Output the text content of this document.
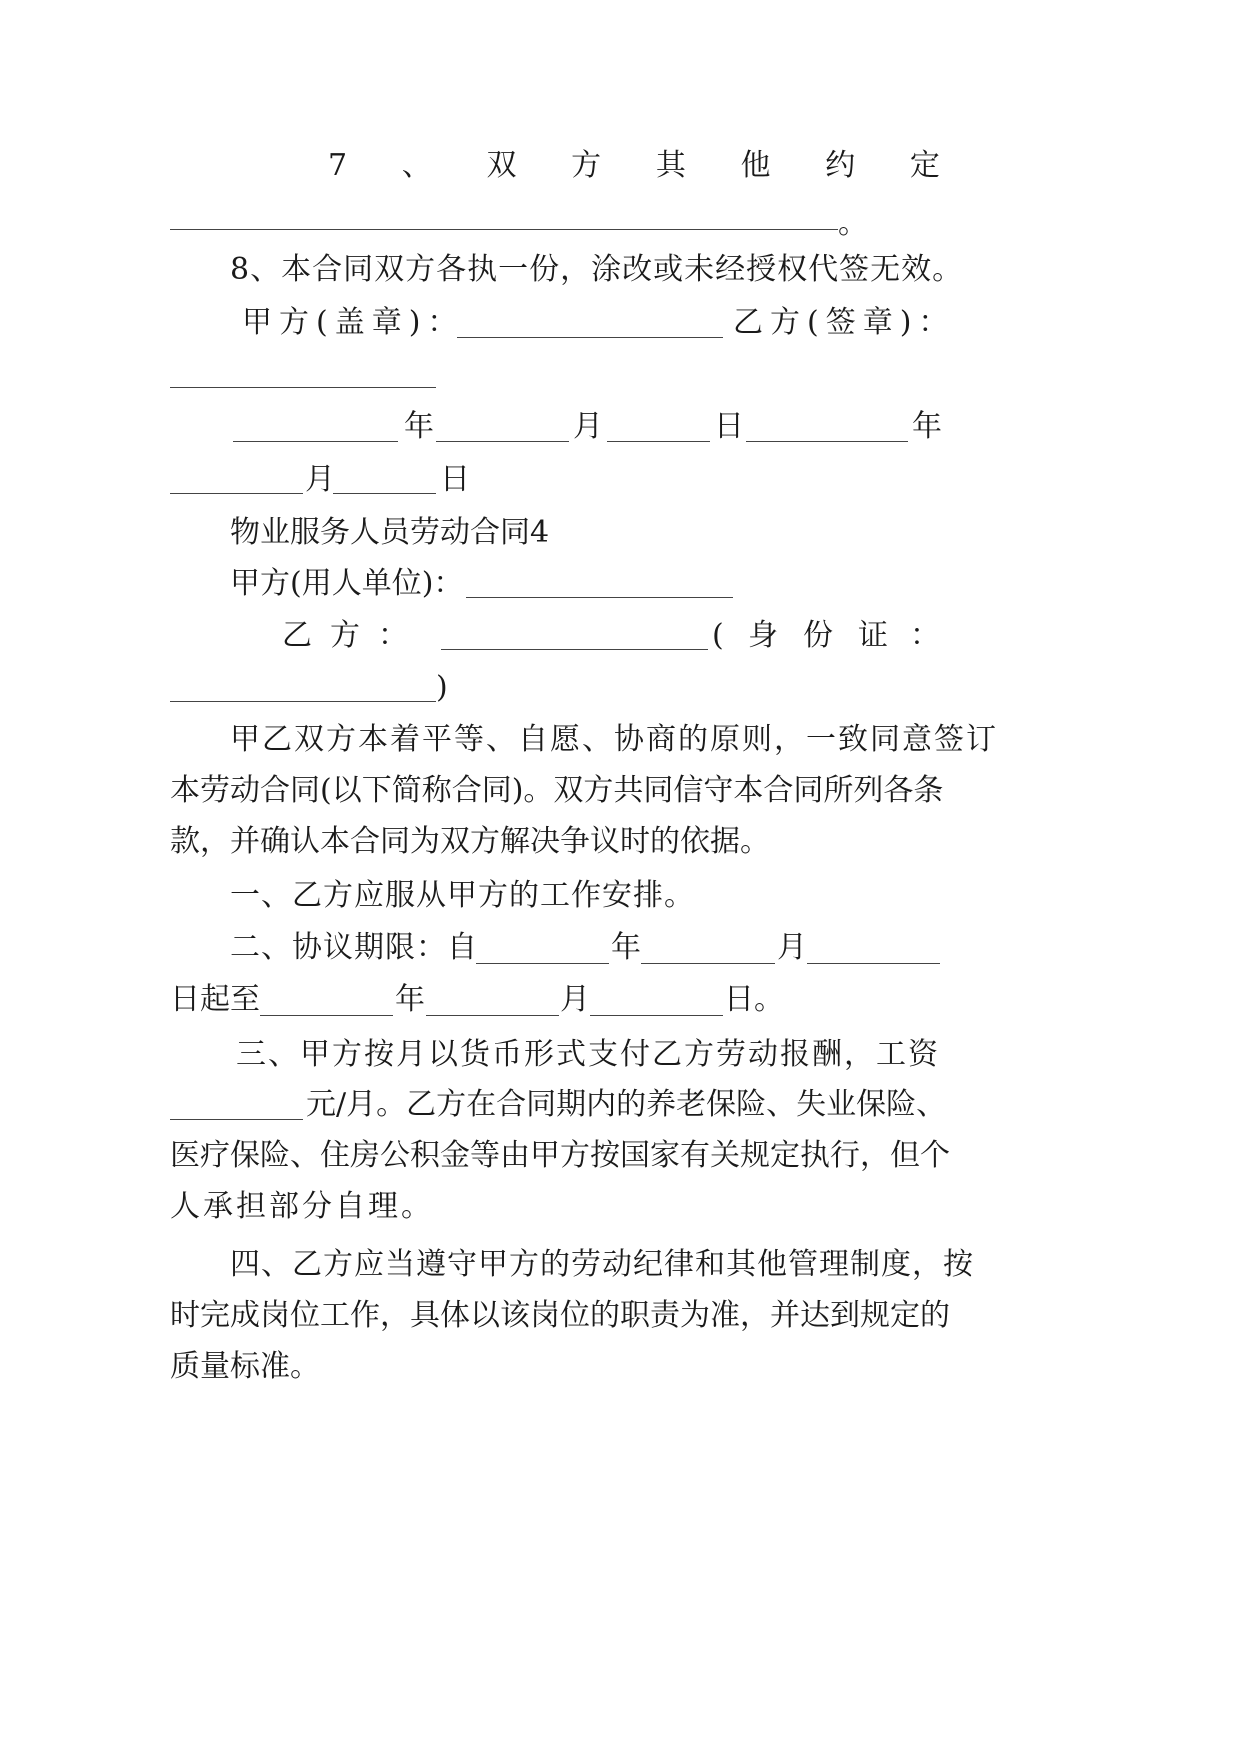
7 、 双 方 其 他 约 定
。
8、本合同双方各执一份，涂改或未经授权代签无效。
甲方(盖章)：	乙方(签章)：
年	月	日	年
月	日
物业服务人员劳动合同4
甲方(用人单位)：
乙 方 ：	( 身 份 证 ：
)
甲乙双方本着平等、自愿、协商的原则，一致同意签订
本劳动合同(以下简称合同)。双方共同信守本合同所列各条
款，并确认本合同为双方解决争议时的依据。
一、乙方应服从甲方的工作安排。
二、协议期限：自	年	月
日起至	年	月	日。
三、甲方按月以货币形式支付乙方劳动报酬，工资
元/月。乙方在合同期内的养老保险、失业保险、
医疗保险、住房公积金等由甲方按国家有关规定执行，但个
人承担部分自理。
四、乙方应当遵守甲方的劳动纪律和其他管理制度，按
时完成岗位工作，具体以该岗位的职责为准，并达到规定的
质量标准。
